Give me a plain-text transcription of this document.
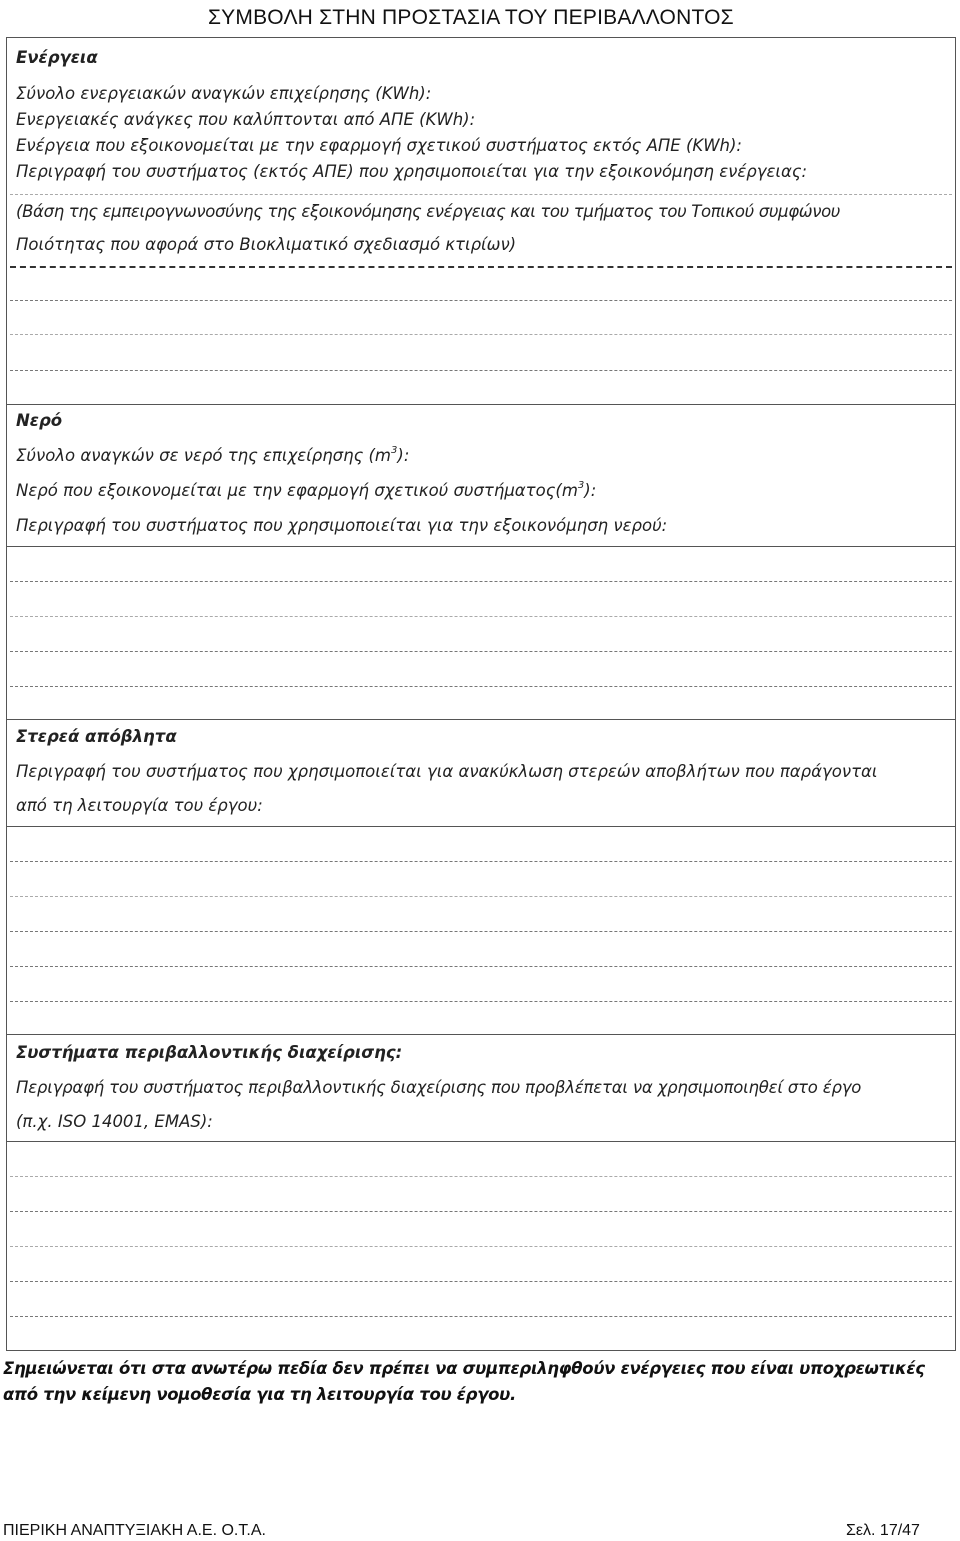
ΣΥΜΒΟΛΗ ΣΤΗΝ ΠΡΟΣΤΑΣΙΑ ΤΟΥ ΠΕΡΙΒΑΛΛΟΝΤΟΣ
Ενέργεια
Σύνολο ενεργειακών αναγκών επιχείρησης (KWh):
Ενεργειακές ανάγκες που καλύπτονται από ΑΠΕ (KWh):
Ενέργεια που εξοικονομείται με την εφαρμογή σχετικού συστήματος εκτός ΑΠΕ (KWh):
Περιγραφή του συστήματος (εκτός ΑΠΕ) που χρησιμοποιείται για την εξοικονόμηση ενέργειας:
(Βάση της εμπειρογνωνοσύνης της εξοικονόμησης ενέργειας και του τμήματος του Τοπικού συμφώνου
Ποιότητας που αφορά στο Βιοκλιματικό σχεδιασμό κτιρίων)
Νερό
Σύνολο αναγκών σε νερό της επιχείρησης $(m^3)$:
Νερό που εξοικονομείται με την εφαρμογή σχετικού $\sigma\upsilon\sigma\tau ή\mu\alpha\tau o\varsigma(m^3)$:
Περιγραφή του συστήματος που χρησιμοποιείται για την εξοικονόμηση νερού:
Στερεά απόβλητα
Περιγραφή του συστήματος που χρησιμοποιείται για ανακύκλωση στερεών αποβλήτων που παράγονται
από τη λειτουργία του έργου:
Συστήματα περιβαλλοντικής διαχείρισης:
Περιγραφή του συστήματος περιβαλλοντικής διαχείρισης που προβλέπεται να χρησιμοποιηθεί στο έργο
(π.χ. ISO 14001, EMAS):
Σημειώνεται ότι στα ανωτέρω πεδία δεν πρέπει να συμπεριληφθούν ενέργειες που είναι υποχρεωτικές
από την κείμενη νομοθεσία για τη λειτουργία του έργου.
ΠΙΕΡΙΚΗ ΑΝΑΠΤΥΞΙΑΚΗ Α.Ε. Ο.Τ.Α.	Σελ. 17/47
